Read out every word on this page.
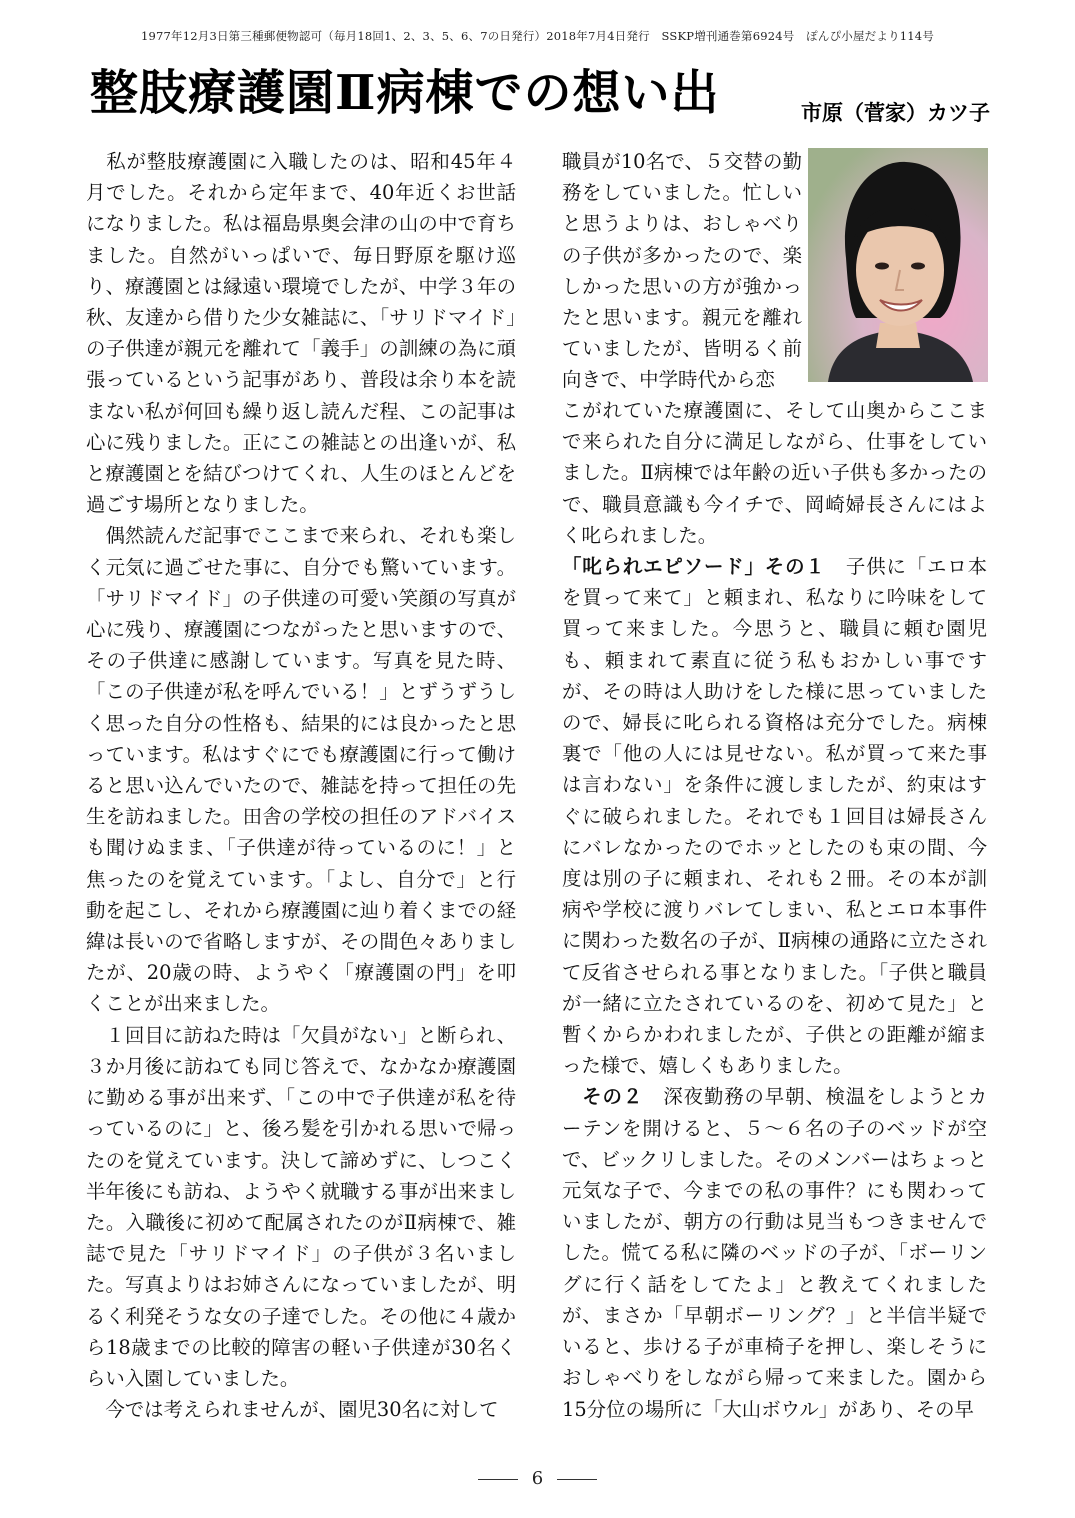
1977年12月3日第三種郵便物認可（毎月18回1、2、3、5、6、7の日発行）2018年7月4日発行　SSKP増刊通巻第6924号　ぽんぴ小屋だより114号
整肢療護園Ⅱ病棟での想い出	市原（菅家）カツ子

　私が整肢療護園に入職したのは、昭和45年４月でした。それから定年まで、40年近くお世話になりました。私は福島県奥会津の山の中で育ちました。自然がいっぱいで、毎日野原を駆け巡り、療護園とは縁遠い環境でしたが、中学３年の秋、友達から借りた少女雑誌に、「サリドマイド」の子供達が親元を離れて「義手」の訓練の為に頑張っているという記事があり、普段は余り本を読まない私が何回も繰り返し読んだ程、この記事は心に残りました。正にこの雑誌との出逢いが、私と療護園とを結びつけてくれ、人生のほとんどを過ごす場所となりました。

　偶然読んだ記事でここまで来られ、それも楽しく元気に過ごせた事に、自分でも驚いています。「サリドマイド」の子供達の可愛い笑顔の写真が心に残り、療護園につながったと思いますので、その子供達に感謝しています。写真を見た時、「この子供達が私を呼んでいる！」とずうずうしく思った自分の性格も、結果的には良かったと思っています。私はすぐにでも療護園に行って働けると思い込んでいたので、雑誌を持って担任の先生を訪ねました。田舎の学校の担任のアドバイスも聞けぬまま、「子供達が待っているのに！」と焦ったのを覚えています。「よし、自分で」と行動を起こし、それから療護園に辿り着くまでの経緯は長いので省略しますが、その間色々ありましたが、20歳の時、ようやく「療護園の門」を叩くことが出来ました。

　１回目に訪ねた時は「欠員がない」と断られ、３か月後に訪ねても同じ答えで、なかなか療護園に勤める事が出来ず、「この中で子供達が私を待っているのに」と、後ろ髪を引かれる思いで帰ったのを覚えています。決して諦めずに、しつこく半年後にも訪ね、ようやく就職する事が出来ました。入職後に初めて配属されたのがⅡ病棟で、雑誌で見た「サリドマイド」の子供が３名いました。写真よりはお姉さんになっていましたが、明るく利発そうな女の子達でした。その他に４歳から18歳までの比較的障害の軽い子供達が30名くらい入園していました。

　今では考えられませんが、園児30名に対して

職員が10名で、５交替の勤務をしていました。忙しいと思うよりは、おしゃべりの子供が多かったので、楽しかった思いの方が強かったと思います。親元を離れていましたが、皆明るく前向きで、中学時代から恋

こがれていた療護園に、そして山奥からここまで来られた自分に満足しながら、仕事をしていました。Ⅱ病棟では年齢の近い子供も多かったので、職員意識も今イチで、岡崎婦長さんにはよく叱られました。

「叱られエピソード」その１　子供に「エロ本を買って来て」と頼まれ、私なりに吟味をして買って来ました。今思うと、職員に頼む園児も、頼まれて素直に従う私もおかしい事ですが、その時は人助けをした様に思っていましたので、婦長に叱られる資格は充分でした。病棟裏で「他の人には見せない。私が買って来た事は言わない」を条件に渡しましたが、約束はすぐに破られました。それでも１回目は婦長さんにバレなかったのでホッとしたのも束の間、今度は別の子に頼まれ、それも２冊。その本が訓病や学校に渡りバレてしまい、私とエロ本事件に関わった数名の子が、Ⅱ病棟の通路に立たされて反省させられる事となりました。「子供と職員が一緒に立たされているのを、初めて見た」と暫くからかわれましたが、子供との距離が縮まった様で、嬉しくもありました。

　その２　深夜勤務の早朝、検温をしようとカーテンを開けると、５～６名の子のベッドが空で、ビックリしました。そのメンバーはちょっと元気な子で、今までの私の事件？にも関わっていましたが、朝方の行動は見当もつきませんでした。慌てる私に隣のベッドの子が、「ボーリングに行く話をしてたよ」と教えてくれましたが、まさか「早朝ボーリング？」と半信半疑でいると、歩ける子が車椅子を押し、楽しそうにおしゃべりをしながら帰って来ました。園から15分位の場所に「大山ボウル」があり、その早

6
